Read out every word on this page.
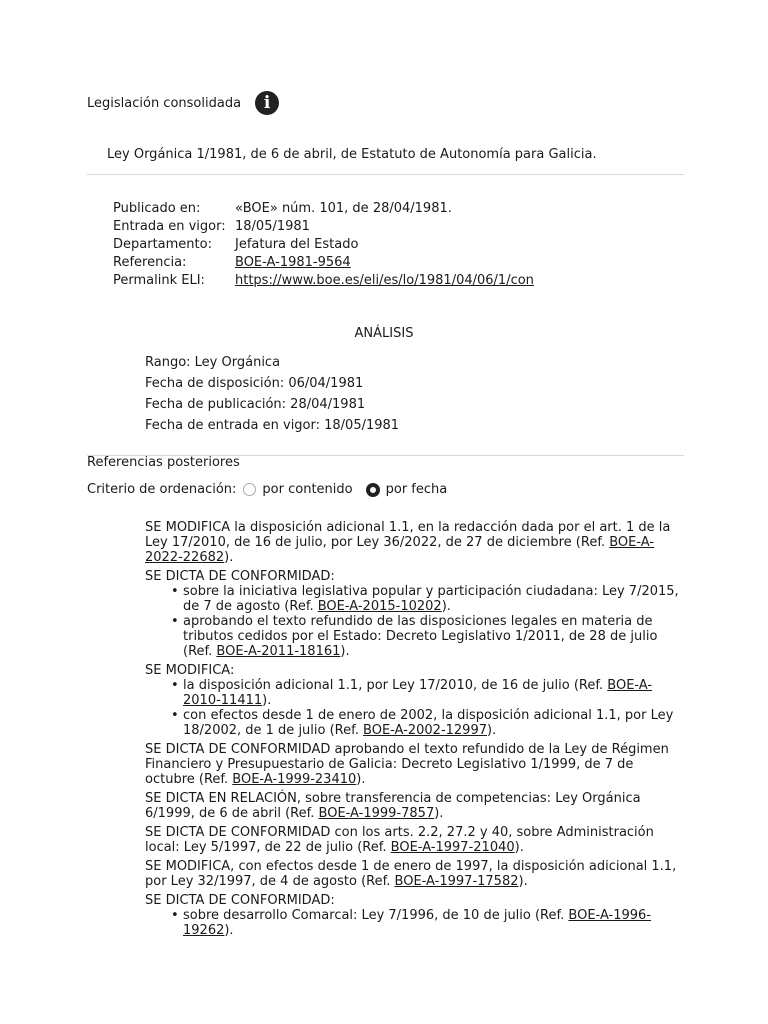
Legislación consolidada	i
Ley Orgánica 1/1981, de 6 de abril, de Estatuto de Autonomía para Galicia.
Publicado en:	«BOE» núm. 101, de 28/04/1981.
Entrada en vigor: 18/05/1981
Departamento:	Jefatura del Estado
Referencia:	BOE-A-1981-9564
Permalink ELI:	https://www.boe.es/eli/es/lo/1981/04/06/1/con
ANÁLISIS
Rango: Ley Orgánica
Fecha de disposición: 06/04/1981
Fecha de publicación: 28/04/1981
Fecha de entrada en vigor: 18/05/1981
Referencias posteriores
Criterio de ordenación: por contenido	por fecha
SE MODIFICA la disposición adicional 1.1, en la redacción dada por el art. 1 de la Ley 17/2010, de 16 de julio, por Ley 36/2022, de 27 de diciembre (Ref. BOE-A-2022-22682).
SE DICTA DE CONFORMIDAD:
• sobre la iniciativa legislativa popular y participación ciudadana: Ley 7/2015, de 7 de agosto (Ref. BOE-A-2015-10202).
• aprobando el texto refundido de las disposiciones legales en materia de tributos cedidos por el Estado: Decreto Legislativo 1/2011, de 28 de julio (Ref. BOE-A-2011-18161).
SE MODIFICA:
• la disposición adicional 1.1, por Ley 17/2010, de 16 de julio (Ref. BOE-A-2010-11411).
• con efectos desde 1 de enero de 2002, la disposición adicional 1.1, por Ley 18/2002, de 1 de julio (Ref. BOE-A-2002-12997).
SE DICTA DE CONFORMIDAD aprobando el texto refundido de la Ley de Régimen Financiero y Presupuestario de Galicia: Decreto Legislativo 1/1999, de 7 de octubre (Ref. BOE-A-1999-23410).
SE DICTA EN RELACIÓN, sobre transferencia de competencias: Ley Orgánica 6/1999, de 6 de abril (Ref. BOE-A-1999-7857).
SE DICTA DE CONFORMIDAD con los arts. 2.2, 27.2 y 40, sobre Administración local: Ley 5/1997, de 22 de julio (Ref. BOE-A-1997-21040).
SE MODIFICA, con efectos desde 1 de enero de 1997, la disposición adicional 1.1, por Ley 32/1997, de 4 de agosto (Ref. BOE-A-1997-17582).
SE DICTA DE CONFORMIDAD:
• sobre desarrollo Comarcal: Ley 7/1996, de 10 de julio (Ref. BOE-A-1996-19262).
